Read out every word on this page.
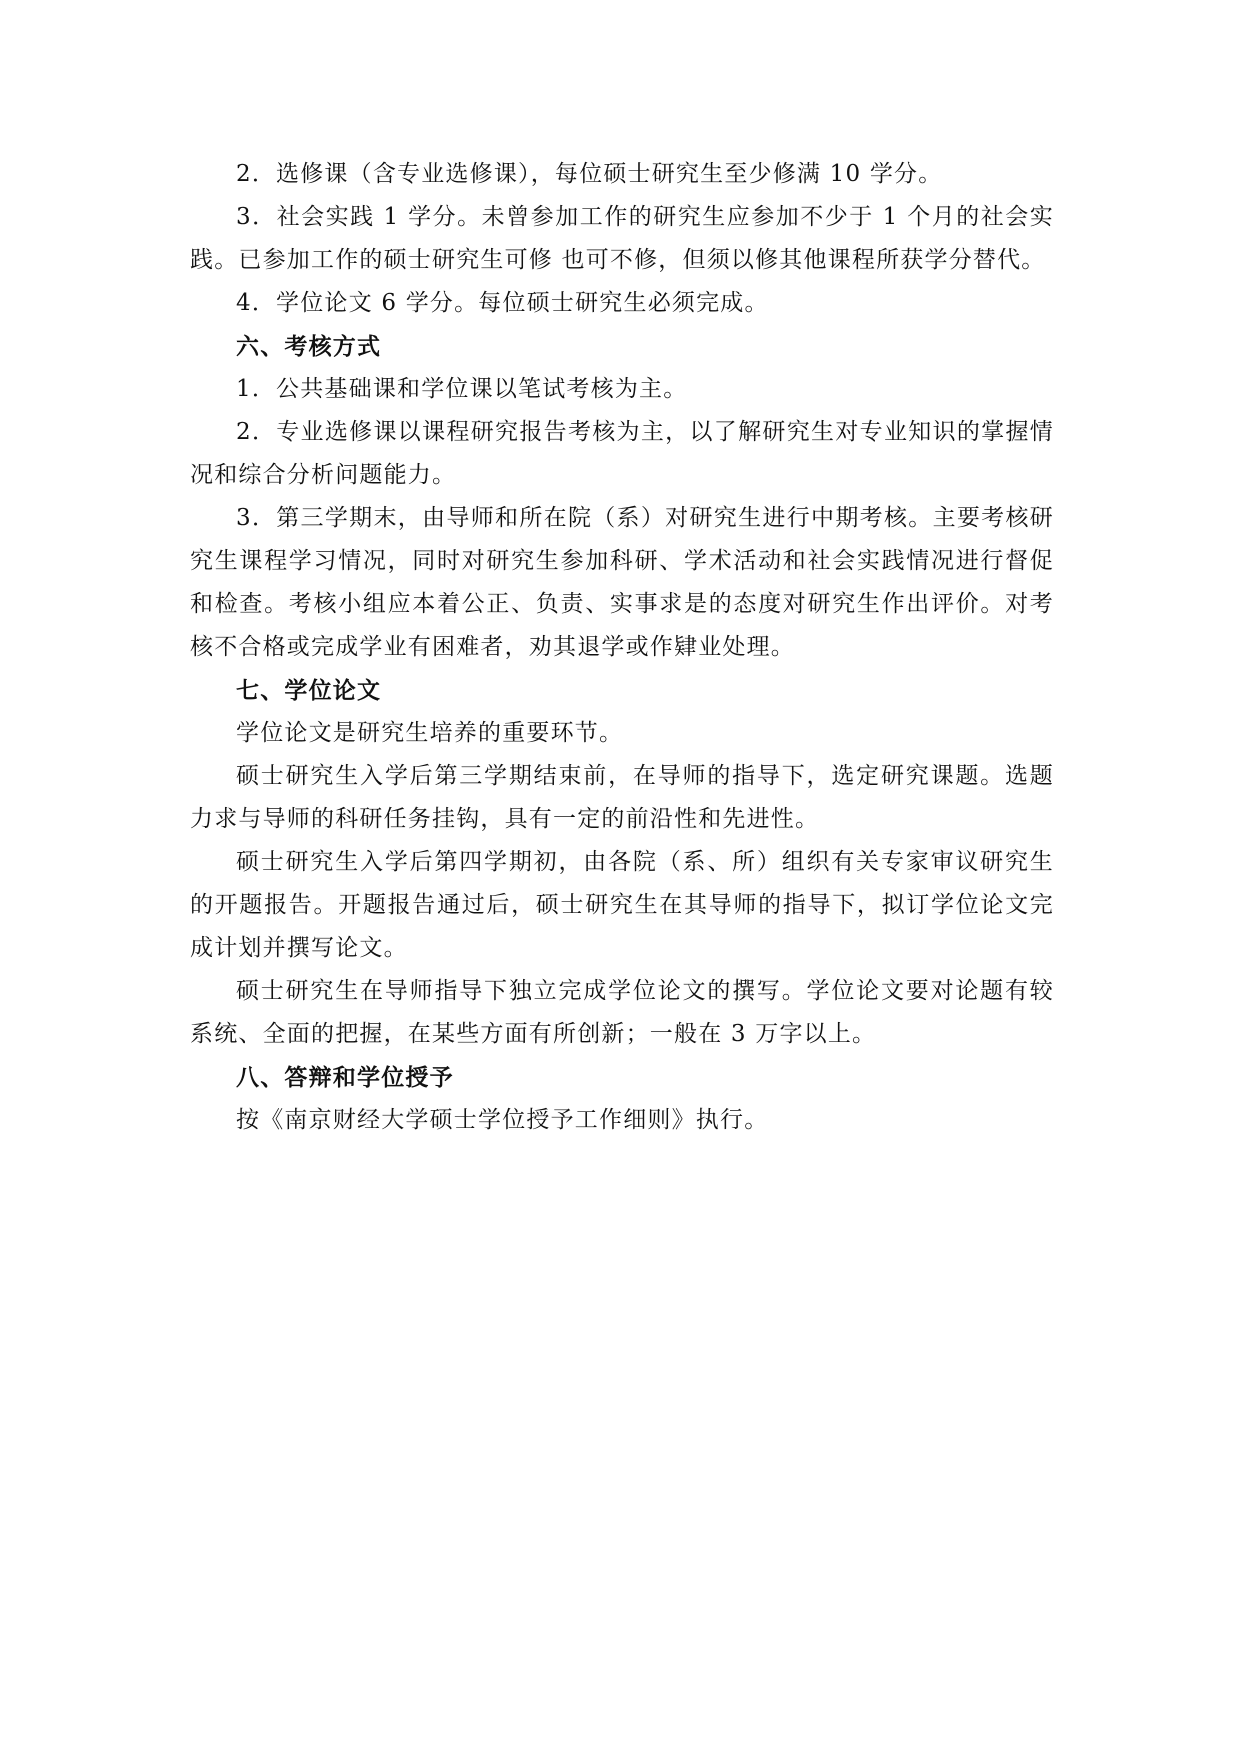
2．选修课（含专业选修课），每位硕士研究生至少修满 10 学分。

3．社会实践 1 学分。未曾参加工作的研究生应参加不少于 1 个月的社会实践。已参加工作的硕士研究生可修 也可不修，但须以修其他课程所获学分替代。

4．学位论文 6 学分。每位硕士研究生必须完成。

六、考核方式

1．公共基础课和学位课以笔试考核为主。

2．专业选修课以课程研究报告考核为主，以了解研究生对专业知识的掌握情况和综合分析问题能力。

3．第三学期末，由导师和所在院（系）对研究生进行中期考核。主要考核研究生课程学习情况，同时对研究生参加科研、学术活动和社会实践情况进行督促和检查。考核小组应本着公正、负责、实事求是的态度对研究生作出评价。对考核不合格或完成学业有困难者，劝其退学或作肄业处理。

七、学位论文

学位论文是研究生培养的重要环节。

硕士研究生入学后第三学期结束前，在导师的指导下，选定研究课题。选题力求与导师的科研任务挂钩，具有一定的前沿性和先进性。

硕士研究生入学后第四学期初，由各院（系、所）组织有关专家审议研究生的开题报告。开题报告通过后，硕士研究生在其导师的指导下，拟订学位论文完成计划并撰写论文。

硕士研究生在导师指导下独立完成学位论文的撰写。学位论文要对论题有较系统、全面的把握，在某些方面有所创新；一般在 3 万字以上。

八、答辩和学位授予

按《南京财经大学硕士学位授予工作细则》执行。
